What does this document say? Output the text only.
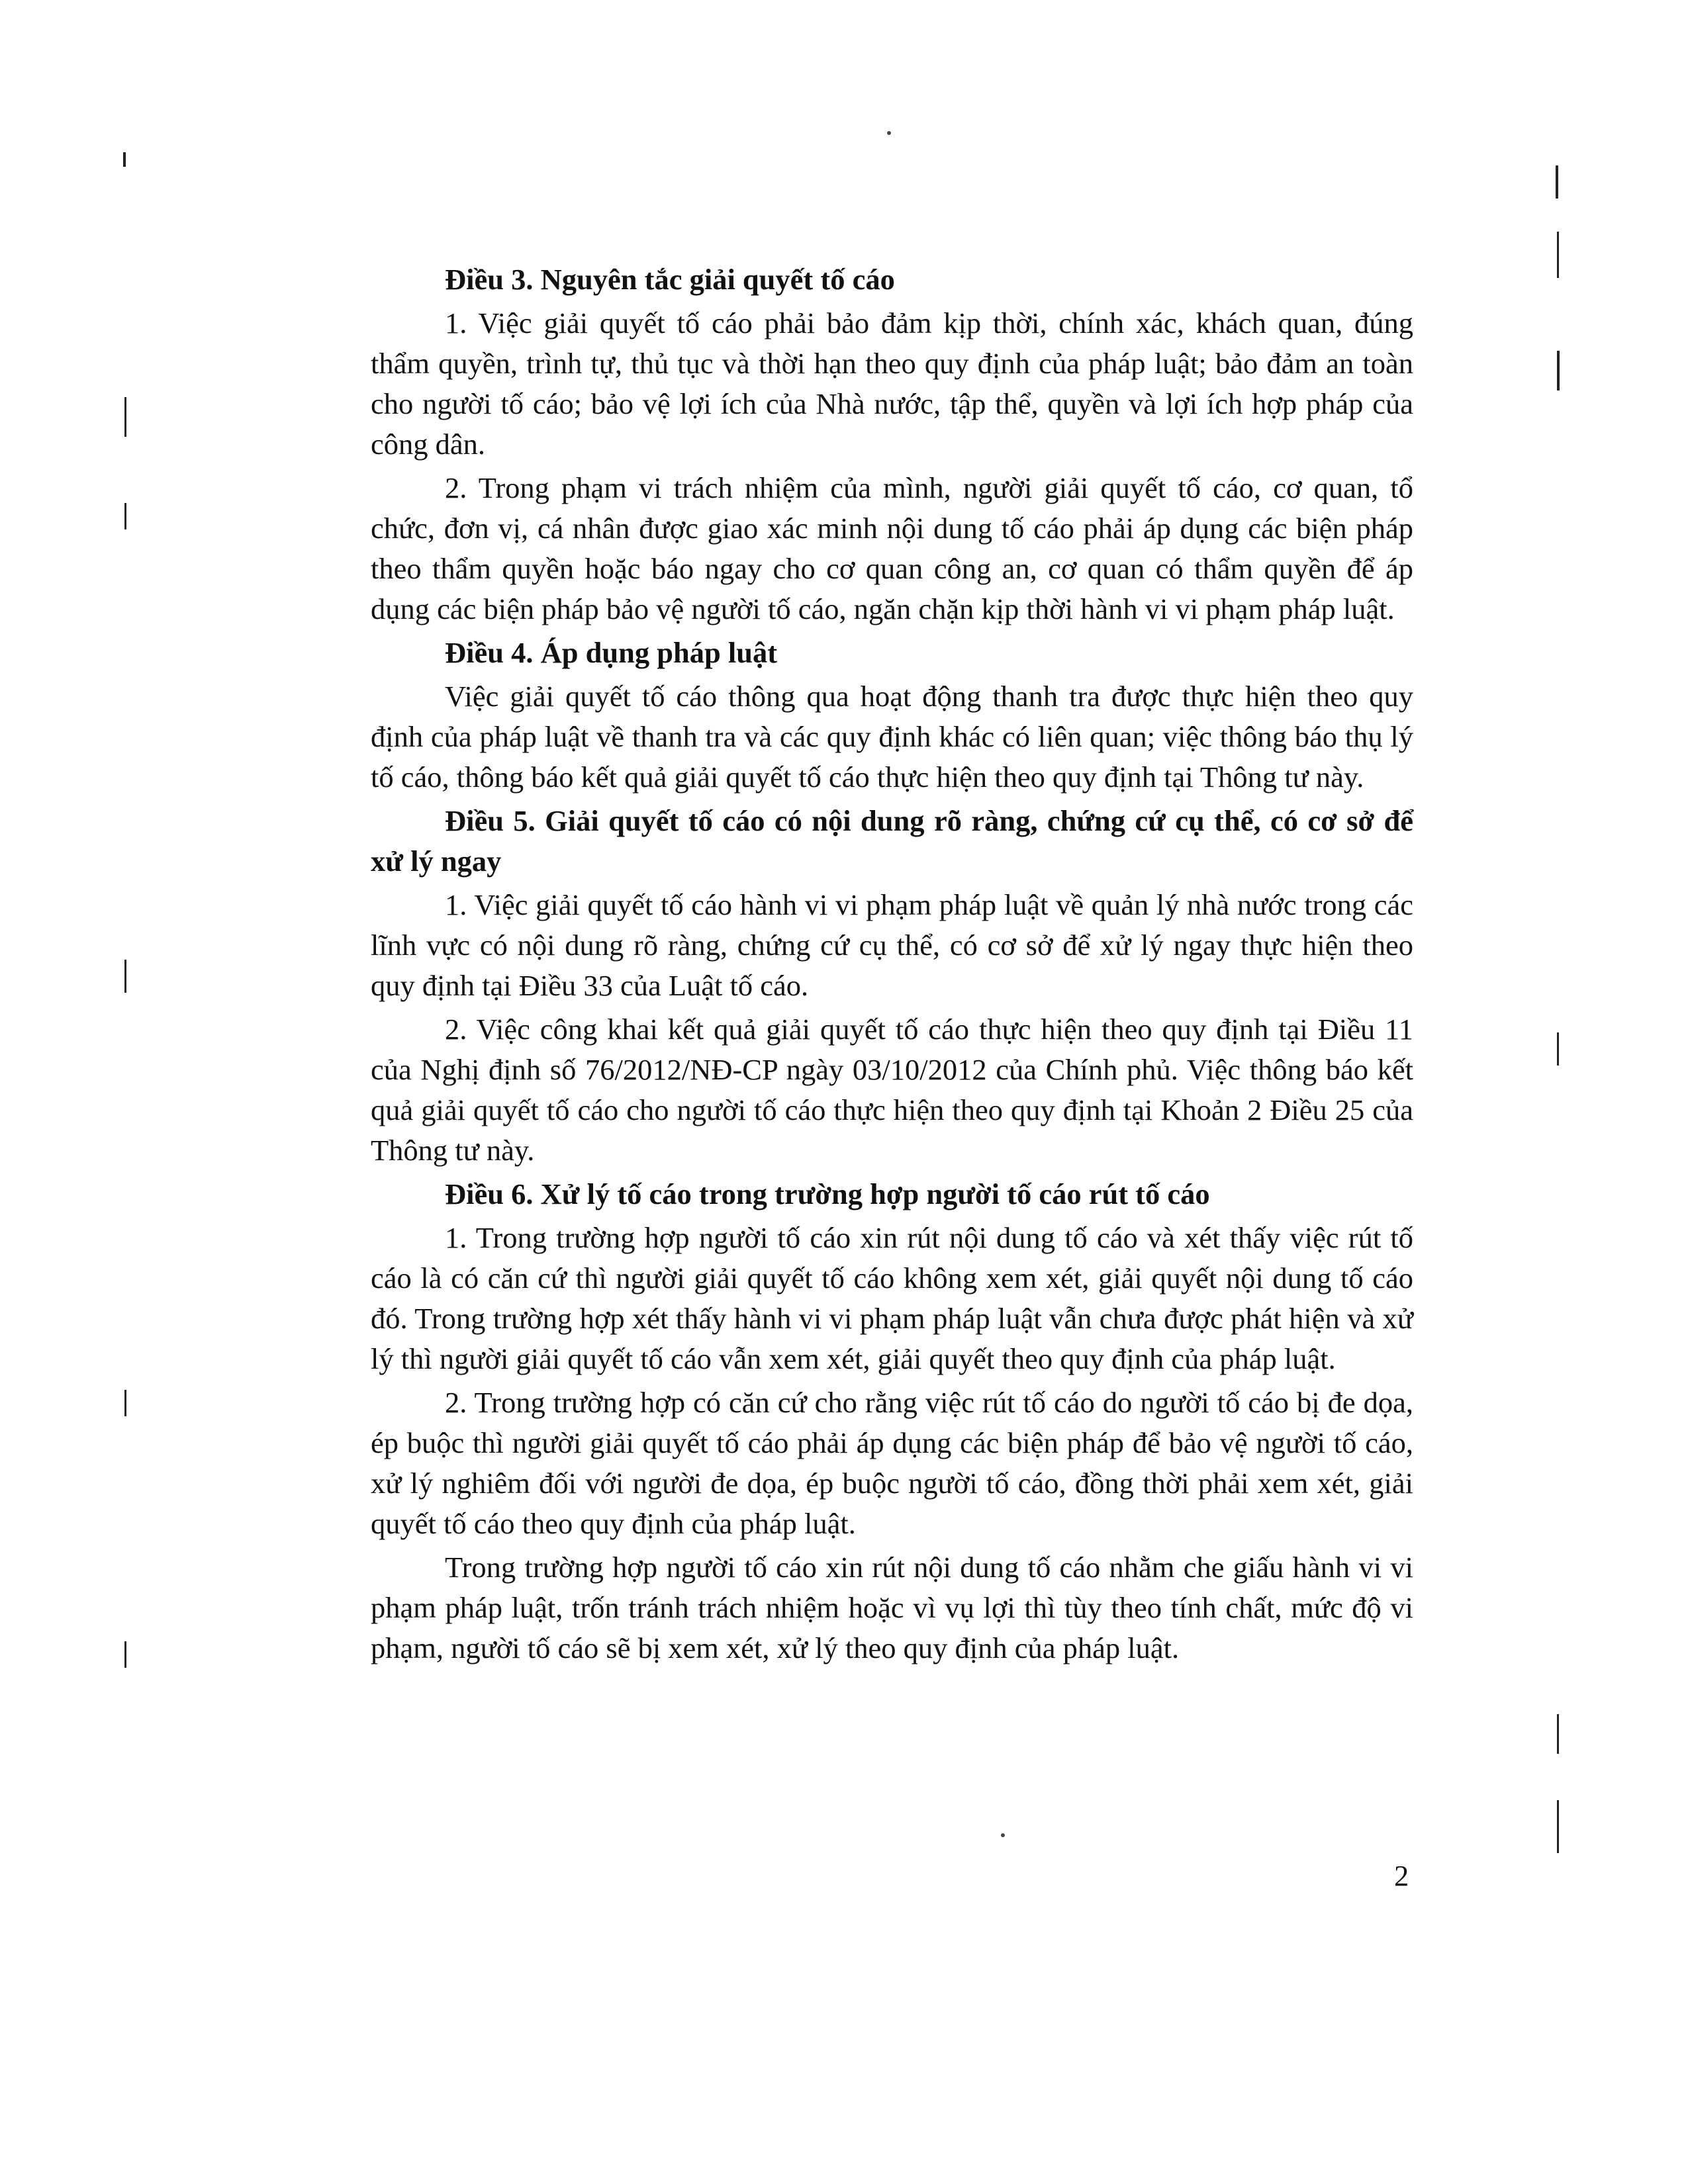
Điều 3. Nguyên tắc giải quyết tố cáo

1. Việc giải quyết tố cáo phải bảo đảm kịp thời, chính xác, khách quan, đúng thẩm quyền, trình tự, thủ tục và thời hạn theo quy định của pháp luật; bảo đảm an toàn cho người tố cáo; bảo vệ lợi ích của Nhà nước, tập thể, quyền và lợi ích hợp pháp của công dân.

2. Trong phạm vi trách nhiệm của mình, người giải quyết tố cáo, cơ quan, tổ chức, đơn vị, cá nhân được giao xác minh nội dung tố cáo phải áp dụng các biện pháp theo thẩm quyền hoặc báo ngay cho cơ quan công an, cơ quan có thẩm quyền để áp dụng các biện pháp bảo vệ người tố cáo, ngăn chặn kịp thời hành vi vi phạm pháp luật.

Điều 4. Áp dụng pháp luật

Việc giải quyết tố cáo thông qua hoạt động thanh tra được thực hiện theo quy định của pháp luật về thanh tra và các quy định khác có liên quan; việc thông báo thụ lý tố cáo, thông báo kết quả giải quyết tố cáo thực hiện theo quy định tại Thông tư này.

Điều 5. Giải quyết tố cáo có nội dung rõ ràng, chứng cứ cụ thể, có cơ sở để xử lý ngay

1. Việc giải quyết tố cáo hành vi vi phạm pháp luật về quản lý nhà nước trong các lĩnh vực có nội dung rõ ràng, chứng cứ cụ thể, có cơ sở để xử lý ngay thực hiện theo quy định tại Điều 33 của Luật tố cáo.

2. Việc công khai kết quả giải quyết tố cáo thực hiện theo quy định tại Điều 11 của Nghị định số 76/2012/NĐ-CP ngày 03/10/2012 của Chính phủ. Việc thông báo kết quả giải quyết tố cáo cho người tố cáo thực hiện theo quy định tại Khoản 2 Điều 25 của Thông tư này.

Điều 6. Xử lý tố cáo trong trường hợp người tố cáo rút tố cáo

1. Trong trường hợp người tố cáo xin rút nội dung tố cáo và xét thấy việc rút tố cáo là có căn cứ thì người giải quyết tố cáo không xem xét, giải quyết nội dung tố cáo đó. Trong trường hợp xét thấy hành vi vi phạm pháp luật vẫn chưa được phát hiện và xử lý thì người giải quyết tố cáo vẫn xem xét, giải quyết theo quy định của pháp luật.

2. Trong trường hợp có căn cứ cho rằng việc rút tố cáo do người tố cáo bị đe dọa, ép buộc thì người giải quyết tố cáo phải áp dụng các biện pháp để bảo vệ người tố cáo, xử lý nghiêm đối với người đe dọa, ép buộc người tố cáo, đồng thời phải xem xét, giải quyết tố cáo theo quy định của pháp luật.

Trong trường hợp người tố cáo xin rút nội dung tố cáo nhằm che giấu hành vi vi phạm pháp luật, trốn tránh trách nhiệm hoặc vì vụ lợi thì tùy theo tính chất, mức độ vi phạm, người tố cáo sẽ bị xem xét, xử lý theo quy định của pháp luật.

2
